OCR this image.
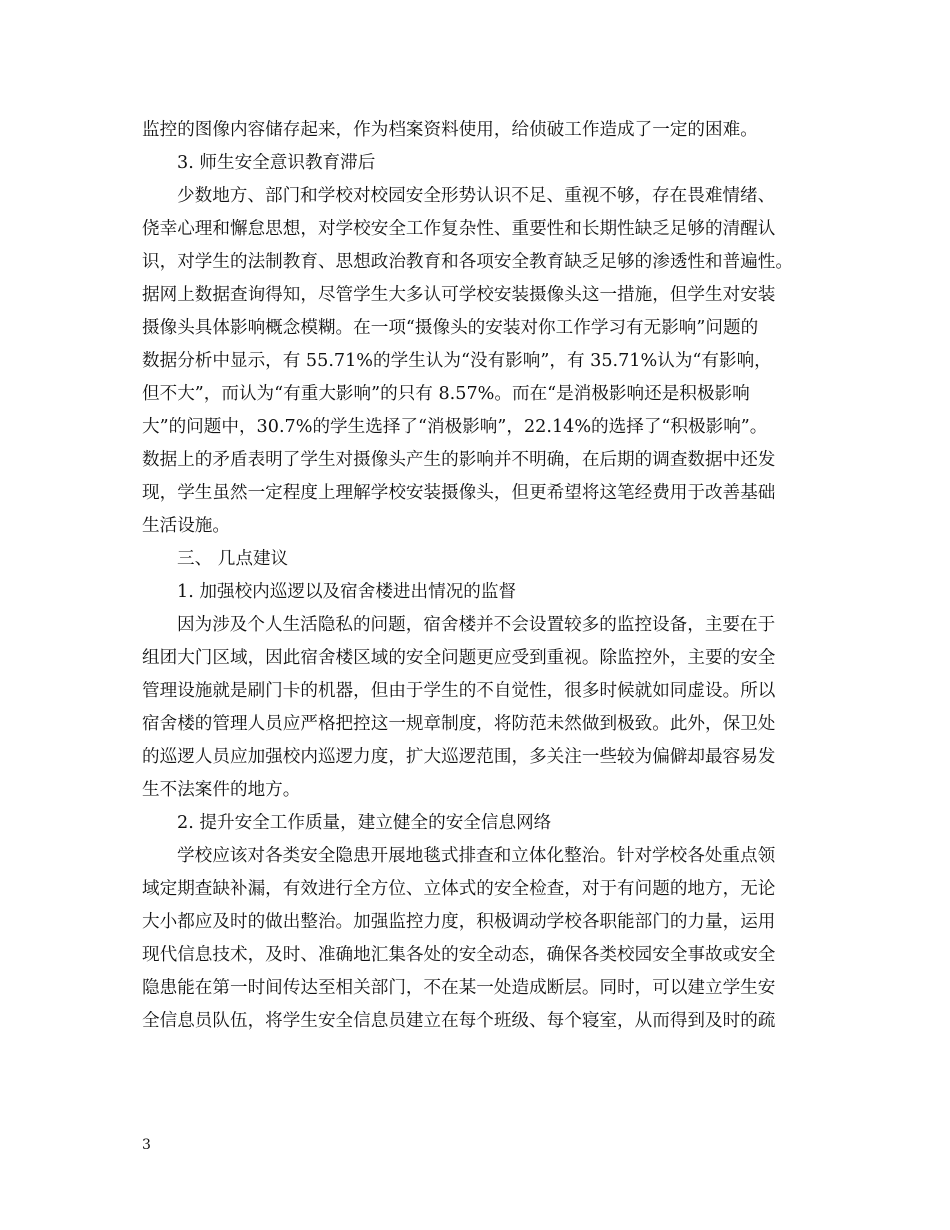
监控的图像内容储存起来，作为档案资料使用，给侦破工作造成了一定的困难。
3. 师生安全意识教育滞后
少数地方、部门和学校对校园安全形势认识不足、重视不够，存在畏难情绪、
侥幸心理和懈怠思想，对学校安全工作复杂性、重要性和长期性缺乏足够的清醒认
识，对学生的法制教育、思想政治教育和各项安全教育缺乏足够的渗透性和普遍性。
据网上数据查询得知，尽管学生大多认可学校安装摄像头这一措施，但学生对安装
摄像头具体影响概念模糊。在一项“摄像头的安装对你工作学习有无影响”问题的
数据分析中显示，有 55.71%的学生认为“没有影响”，有 35.71%认为“有影响，
但不大”，而认为“有重大影响”的只有 8.57%。而在“是消极影响还是积极影响
大”的问题中，30.7%的学生选择了“消极影响”，22.14%的选择了“积极影响”。
数据上的矛盾表明了学生对摄像头产生的影响并不明确，在后期的调查数据中还发
现，学生虽然一定程度上理解学校安装摄像头，但更希望将这笔经费用于改善基础
生活设施。
三、 几点建议
1. 加强校内巡逻以及宿舍楼进出情况的监督
因为涉及个人生活隐私的问题，宿舍楼并不会设置较多的监控设备，主要在于
组团大门区域，因此宿舍楼区域的安全问题更应受到重视。除监控外，主要的安全
管理设施就是刷门卡的机器，但由于学生的不自觉性，很多时候就如同虚设。所以
宿舍楼的管理人员应严格把控这一规章制度，将防范未然做到极致。此外，保卫处
的巡逻人员应加强校内巡逻力度，扩大巡逻范围，多关注一些较为偏僻却最容易发
生不法案件的地方。
2. 提升安全工作质量，建立健全的安全信息网络
学校应该对各类安全隐患开展地毯式排查和立体化整治。针对学校各处重点领
域定期查缺补漏，有效进行全方位、立体式的安全检查，对于有问题的地方，无论
大小都应及时的做出整治。加强监控力度，积极调动学校各职能部门的力量，运用
现代信息技术，及时、准确地汇集各处的安全动态，确保各类校园安全事故或安全
隐患能在第一时间传达至相关部门，不在某一处造成断层。同时，可以建立学生安
全信息员队伍，将学生安全信息员建立在每个班级、每个寝室，从而得到及时的疏
3
